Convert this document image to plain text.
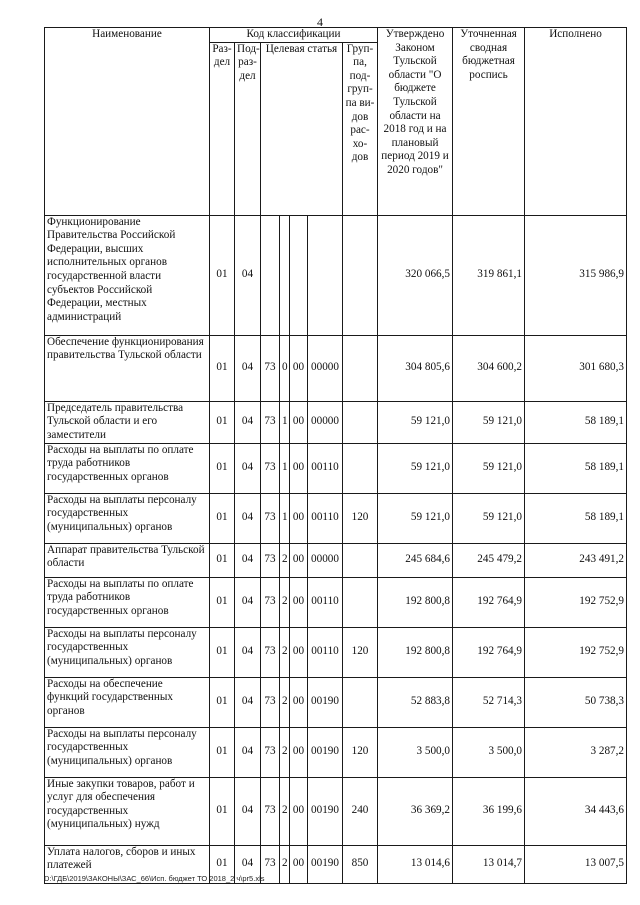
4
Наименование	Код классификации							Утверждено Законом Тульской области "О бюджете Тульской области на 2018 год и на плановый период 2019 и 2020 годов"	Уточненная сводная бюджетная роспись	Исполнено
	Раз-дел	Под-раз-дел	Целевая статья				Груп-па, под-груп-па ви-дов рас-хо-дов			
Функционирование Правительства Российской Федерации, высших исполнительных органов государственной власти субъектов Российской Федерации, местных администраций	01	04						320 066,5	319 861,1	315 986,9
Обеспечение функционирования правительства Тульской области	01	04	73	0	00	00000		304 805,6	304 600,2	301 680,3
Председатель правительства Тульской области и его заместители	01	04	73	1	00	00000		59 121,0	59 121,0	58 189,1
Расходы на выплаты по оплате труда работников государственных органов	01	04	73	1	00	00110		59 121,0	59 121,0	58 189,1
Расходы на выплаты персоналу государственных (муниципальных) органов	01	04	73	1	00	00110	120	59 121,0	59 121,0	58 189,1
Аппарат правительства Тульской области	01	04	73	2	00	00000		245 684,6	245 479,2	243 491,2
Расходы на выплаты по оплате труда работников государственных органов	01	04	73	2	00	00110		192 800,8	192 764,9	192 752,9
Расходы на выплаты персоналу государственных (муниципальных) органов	01	04	73	2	00	00110	120	192 800,8	192 764,9	192 752,9
Расходы на обеспечение функций государственных органов	01	04	73	2	00	00190		52 883,8	52 714,3	50 738,3
Расходы на выплаты персоналу государственных (муниципальных) органов	01	04	73	2	00	00190	120	3 500,0	3 500,0	3 287,2
Иные закупки товаров, работ и услуг для обеспечения государственных (муниципальных) нужд	01	04	73	2	00	00190	240	36 369,2	36 199,6	34 443,6
Уплата налогов, сборов и иных платежей	01	04	73	2	00	00190	850	13 014,6	13 014,7	13 007,5
D:\ГДБ\2019\ЗАКОНЫ\ЗАС_66\Исп. бюджет ТО 2018_2 ч\pr5.xls
